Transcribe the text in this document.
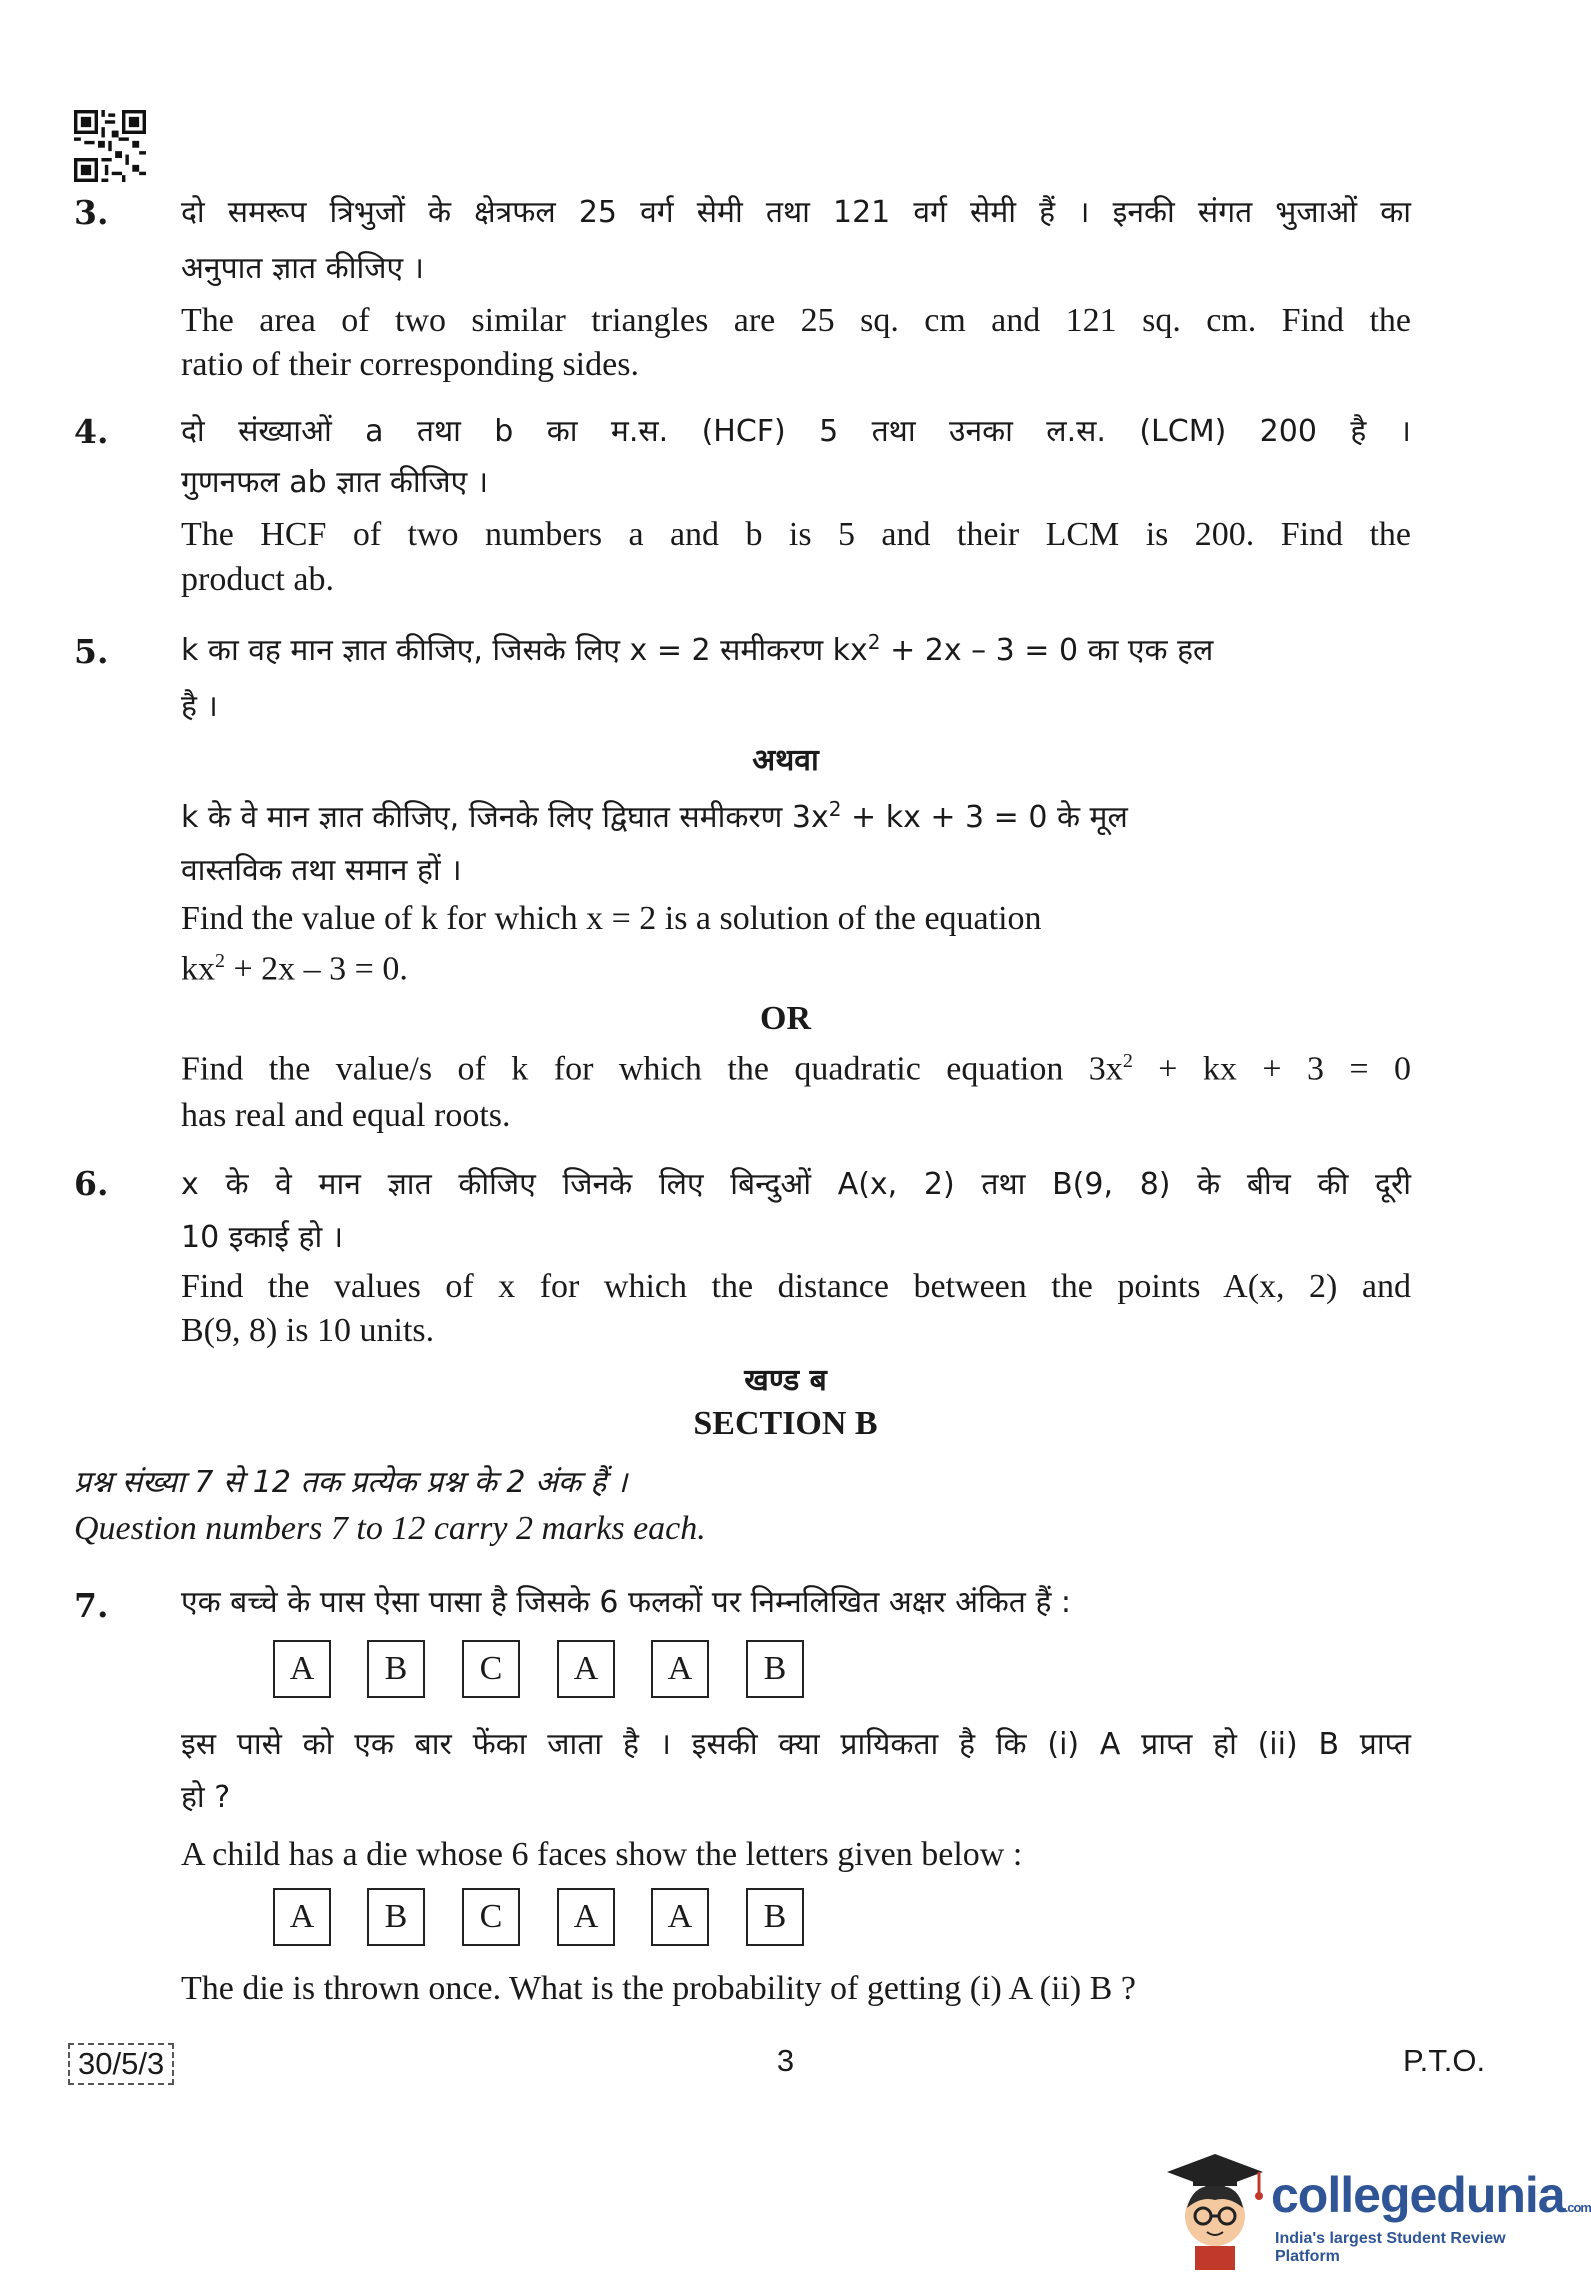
3. दो समरूप त्रिभुजों के क्षेत्रफल 25 वर्ग सेमी तथा 121 वर्ग सेमी हैं । इनकी संगत भुजाओं का
अनुपात ज्ञात कीजिए ।
The area of two similar triangles are 25 sq. cm and 121 sq. cm. Find the
ratio of their corresponding sides.
4. दो संख्याओं a तथा b का म.स. (HCF) 5 तथा उनका ल.स. (LCM) 200 है ।
गुणनफल ab ज्ञात कीजिए ।
The HCF of two numbers a and b is 5 and their LCM is 200. Find the
product ab.
5. k का वह मान ज्ञात कीजिए, जिसके लिए x = 2 समीकरण $kx^2 + 2x - 3 = 0$ का एक हल
है ।
अथवा
k के वे मान ज्ञात कीजिए, जिनके लिए द्विघात समीकरण $3x^2$ + kx + 3 = 0 के मूल
वास्तविक तथा समान हों ।
Find the value of k for which x = 2 is a solution of the equation
$kx^2 + 2x - 3 = 0$.
OR
Find the value/s of k for which the quadratic equation $3x^2$ + kx + 3 = 0
has real and equal roots.
6. x के वे मान ज्ञात कीजिए जिनके लिए बिन्दुओं A(x, 2) तथा B(9, 8) के बीच की दूरी
10 इकाई हो ।
Find the values of x for which the distance between the points A(x, 2) and
B(9, 8) is 10 units.
खण्ड ब
SECTION B
प्रश्न संख्या 7 से 12 तक प्रत्येक प्रश्न के 2 अंक हैं ।
Question numbers 7 to 12 carry 2 marks each.
7. एक बच्चे के पास ऐसा पासा है जिसके 6 फलकों पर निम्नलिखित अक्षर अंकित हैं :
A	B	C	A	A	B
इस पासे को एक बार फेंका जाता है । इसकी क्या प्रायिकता है कि (i) A प्राप्त हो (ii) B प्राप्त
हो ?
A child has a die whose 6 faces show the letters given below :
A	B	C	A	A	B
The die is thrown once. What is the probability of getting (i) A (ii) B ?
30/5/3	3	P.T.O.
collegedunia.com
India's largest Student Review Platform
